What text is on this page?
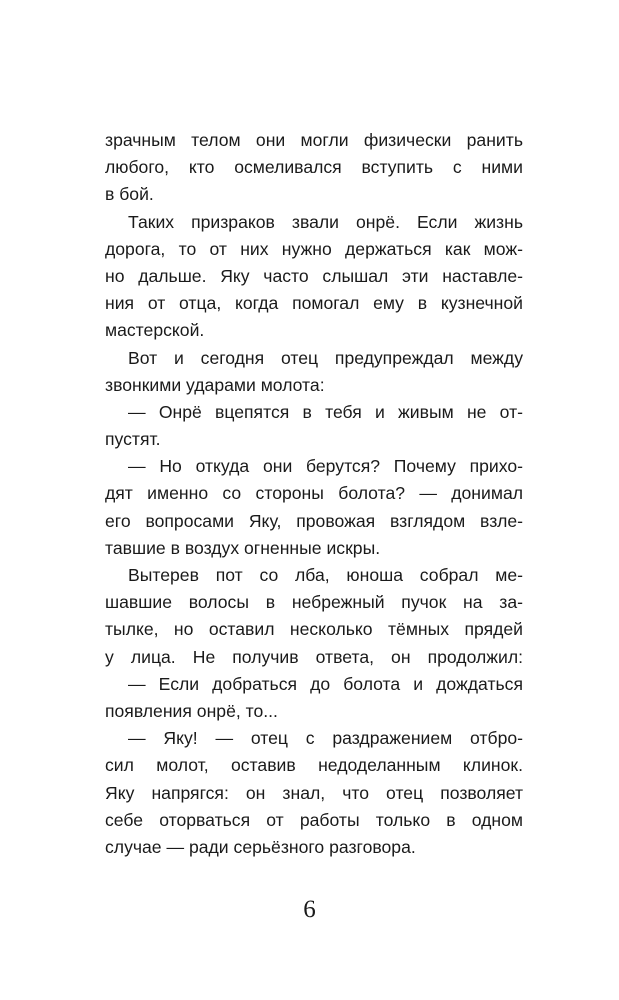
зрачным телом они могли физически ранить
любого, кто осмеливался вступить с ними
в бой.
Таких призраков звали онрё. Если жизнь
дорога, то от них нужно держаться как мож-
но дальше. Яку часто слышал эти наставле-
ния от отца, когда помогал ему в кузнечной
мастерской.
Вот и сегодня отец предупреждал между
звонкими ударами молота:
— Онрё вцепятся в тебя и живым не от-
пустят.
— Но откуда они берутся? Почему прихо-
дят именно со стороны болота? — донимал
его вопросами Яку, провожая взглядом взле-
тавшие в воздух огненные искры.
Вытерев пот со лба, юноша собрал ме-
шавшие волосы в небрежный пучок на за-
тылке, но оставил несколько тёмных прядей
у лица. Не получив ответа, он продолжил:
— Если добраться до болота и дождаться
появления онрё, то...
— Яку! — отец с раздражением отбро-
сил молот, оставив недоделанным клинок.
Яку напрягся: он знал, что отец позволяет
себе оторваться от работы только в одном
случае — ради серьёзного разговора.
6
